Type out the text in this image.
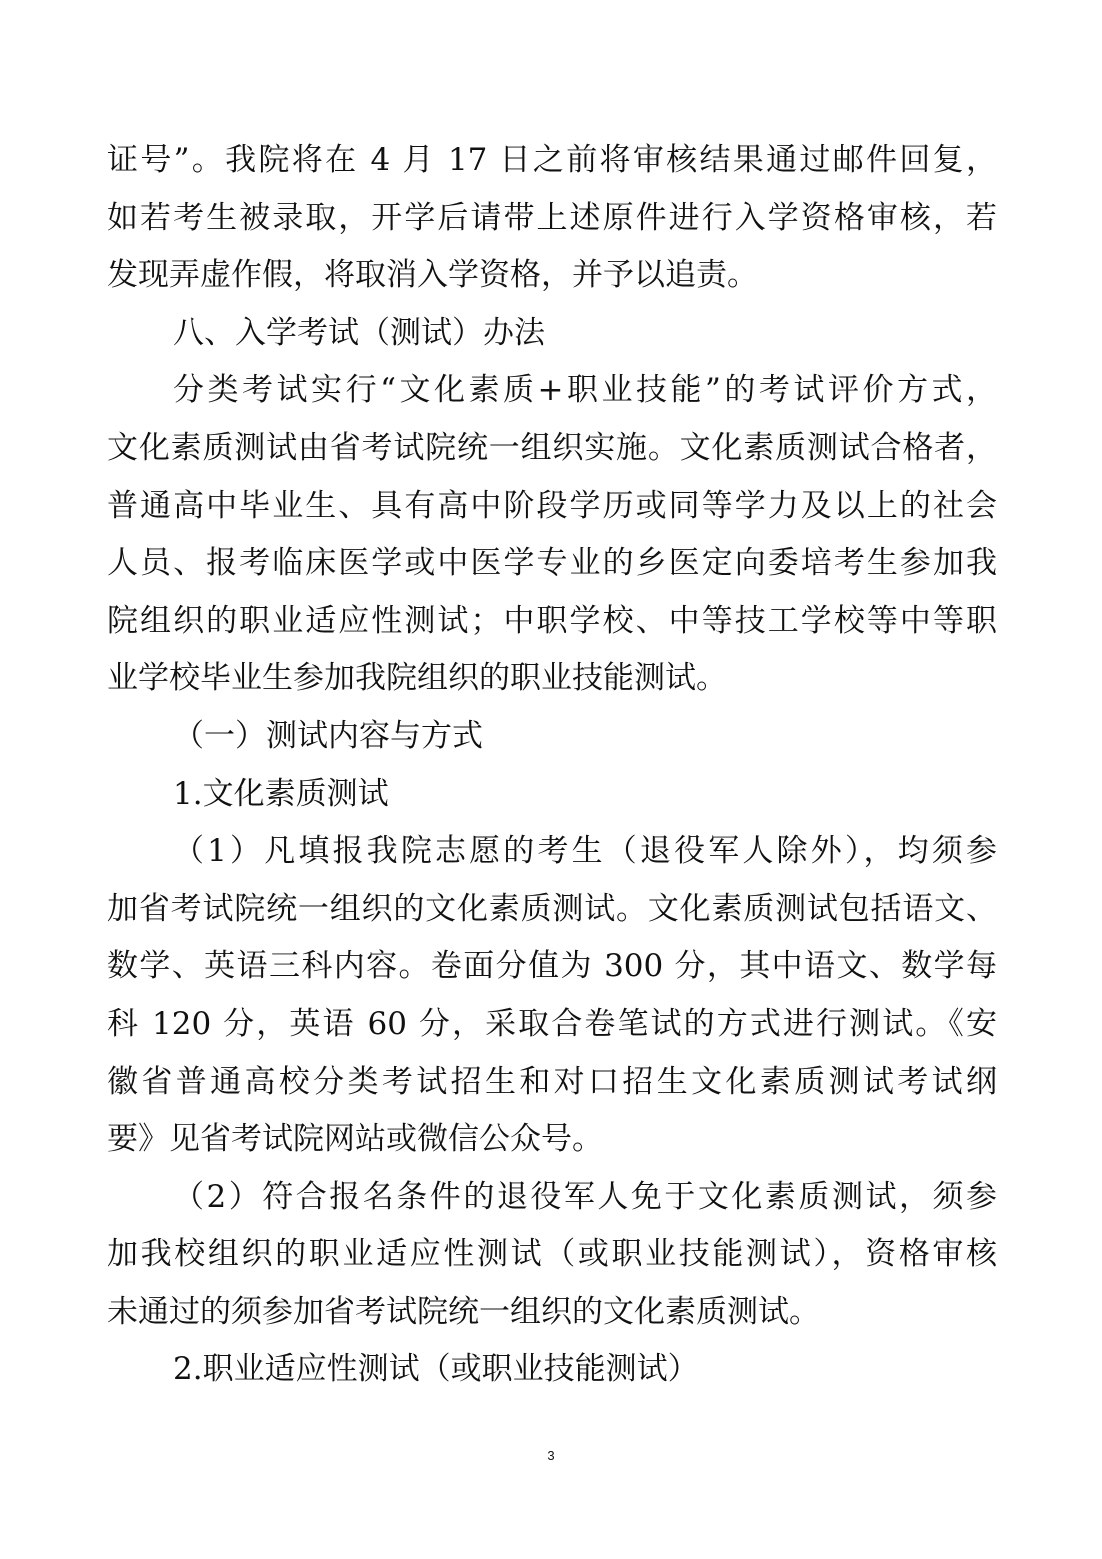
证号”。我院将在 4 月 17 日之前将审核结果通过邮件回复，
如若考生被录取，开学后请带上述原件进行入学资格审核，若
发现弄虚作假，将取消入学资格，并予以追责。
八、入学考试（测试）办法
分类考试实行“文化素质+职业技能”的考试评价方式，
文化素质测试由省考试院统一组织实施。文化素质测试合格者，
普通高中毕业生、具有高中阶段学历或同等学力及以上的社会
人员、报考临床医学或中医学专业的乡医定向委培考生参加我
院组织的职业适应性测试；中职学校、中等技工学校等中等职
业学校毕业生参加我院组织的职业技能测试。
（一）测试内容与方式
1.文化素质测试
（1）凡填报我院志愿的考生（退役军人除外），均须参
加省考试院统一组织的文化素质测试。文化素质测试包括语文、
数学、英语三科内容。卷面分值为 300 分，其中语文、数学每
科 120 分，英语 60 分，采取合卷笔试的方式进行测试。《安
徽省普通高校分类考试招生和对口招生文化素质测试考试纲
要》见省考试院网站或微信公众号。
（2）符合报名条件的退役军人免于文化素质测试，须参
加我校组织的职业适应性测试（或职业技能测试），资格审核
未通过的须参加省考试院统一组织的文化素质测试。
2.职业适应性测试（或职业技能测试）
3
